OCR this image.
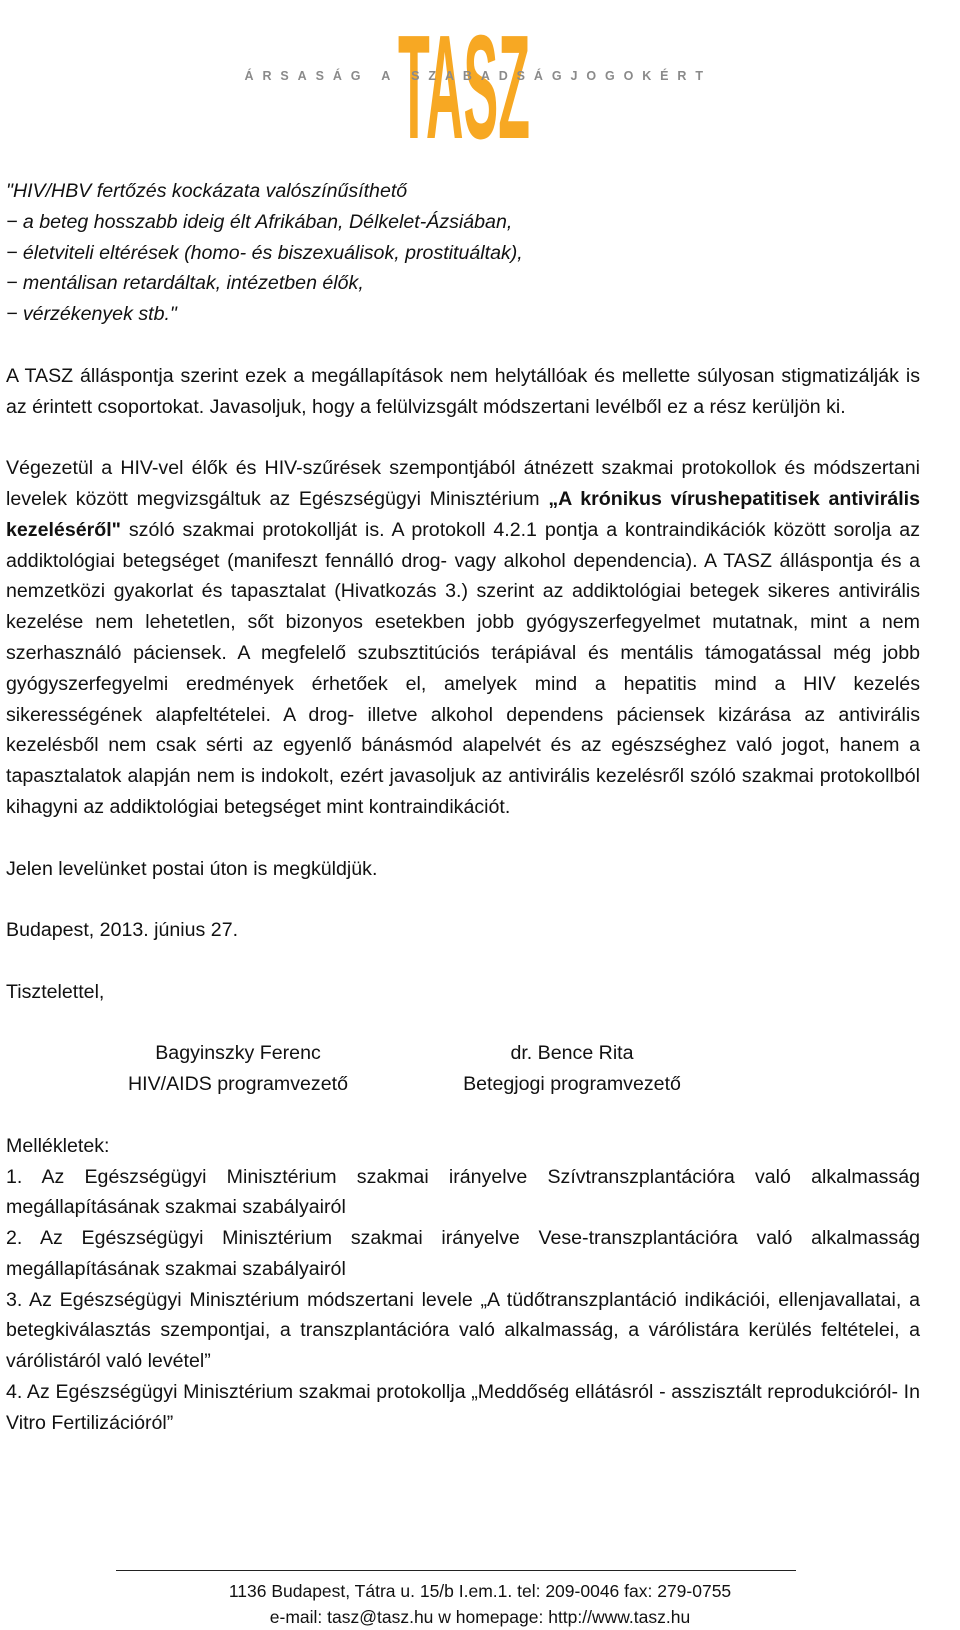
TASZ
ÁRSASÁG A SZABADSÁGJOGOKÉRT

"HIV/HBV fertőzés kockázata valószínűsíthető

− a beteg hosszabb ideig élt Afrikában, Délkelet-Ázsiában,

− életviteli eltérések (homo- és biszexuálisok, prostituáltak),

− mentálisan retardáltak, intézetben élők,

− vérzékenyek stb."

A TASZ álláspontja szerint ezek a megállapítások nem helytállóak és mellette súlyosan stigmatizálják is az érintett csoportokat. Javasoljuk, hogy a felülvizsgált módszertani levélből ez a rész kerüljön ki.

Végezetül a HIV-vel élők és HIV-szűrések szempontjából átnézett szakmai protokollok és módszertani levelek között megvizsgáltuk az Egészségügyi Minisztérium „A krónikus vírushepatitisek antivirális kezeléséről" szóló szakmai protokollját is. A protokoll 4.2.1 pontja a kontraindikációk között sorolja az addiktológiai betegséget (manifeszt fennálló drog- vagy alkohol dependencia). A TASZ álláspontja és a nemzetközi gyakorlat és tapasztalat (Hivatkozás 3.) szerint az addiktológiai betegek sikeres antivirális kezelése nem lehetetlen, sőt bizonyos esetekben jobb gyógyszerfegyelmet mutatnak, mint a nem szerhasználó páciensek. A megfelelő szubsztitúciós terápiával és mentális támogatással még jobb gyógyszerfegyelmi eredmények érhetőek el, amelyek mind a hepatitis mind a HIV kezelés sikerességének alapfeltételei. A drog- illetve alkohol dependens páciensek kizárása az antivirális kezelésből nem csak sérti az egyenlő bánásmód alapelvét és az egészséghez való jogot, hanem a tapasztalatok alapján nem is indokolt, ezért javasoljuk az antivirális kezelésről szóló szakmai protokollból kihagyni az addiktológiai betegséget mint kontraindikációt.

Jelen levelünket postai úton is megküldjük.

Budapest, 2013. június 27.

Tisztelettel,

Bagyinszky Ferenc
HIV/AIDS programvezető
dr. Bence Rita
Betegjogi programvezető

Mellékletek:

1. Az Egészségügyi Minisztérium szakmai irányelve Szívtranszplantációra való alkalmasság megállapításának szakmai szabályairól

2. Az Egészségügyi Minisztérium szakmai irányelve Vese-transzplantációra való alkalmasság megállapításának szakmai szabályairól

3. Az Egészségügyi Minisztérium módszertani levele „A tüdőtranszplantáció indikációi, ellenjavallatai, a betegkiválasztás szempontjai, a transzplantációra való alkalmasság, a várólistára kerülés feltételei, a várólistáról való levétel”

4. Az Egészségügyi Minisztérium szakmai protokollja „Meddőség ellátásról - asszisztált reprodukcióról- In Vitro Fertilizációról”

1136 Budapest, Tátra u. 15/b I.em.1. tel: 209-0046 fax: 279-0755
e-mail: tasz@tasz.hu w homepage: http://www.tasz.hu
